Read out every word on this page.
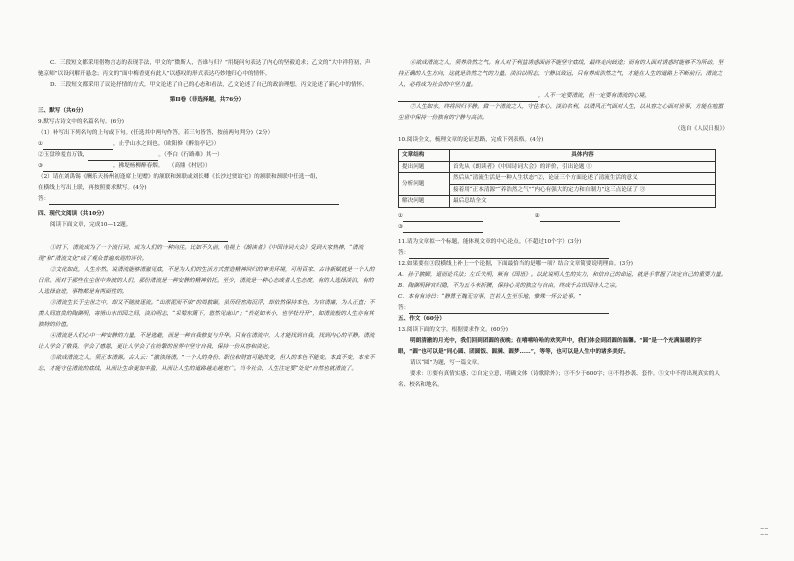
C．三段短文都采用借物言志的表现手法，甲文的“微斯人，吾谁与归？”用疑问句表达了内心的坚毅追求；乙文的“大中祥符初，声驰京师”以设问解开悬念；丙文的“面中梅香更有此人”以感叹的形式表达巧妙地归心中的情怀。

D．三段短文都采用了议论抒情的方式，甲文论述了自己的心态和看法，乙文论述了自己的政治理想，丙文论述了新心中的情怀。

第II卷（非选择题，共76分）

三、默写（共6分）

9.默写古诗文中的名篇名句。(6分)

（1）补写出下列名句的上句或下句。(任选其中两句作答，若三句皆答，按前两句判分)（2分）

①	，止乎山水之间也。（欧阳修《醉翁亭记》）

②玉盘珍羞直万钱，	。（李白《行路难》其一）

③	，拂堤杨柳醉春烟。 （高鼎《村居》）

（2）请在刘禹锡《酬乐天扬州初逢席上见赠》的颔联和颈联或刘长卿《长沙过贾谊宅》的颔联和颈联中任选一组，

在横线上写出上联，再按照要求默写。(4分)

答：

四、现代文阅读（共10分）

阅读下面文章，完成10—12题。

①时下，清流成为了一个流行词，成为人们的一种向往。比如不久前，电视上《朗读者》《中国诗词大会》受到大家热捧，“清流现”和“清流文化”成了观众普遍欢迎的评价。

②文化如此，人生亦然。说清流能够清澈见底，不是为人们的生活方式营造精神回归的审美环境，可用百家、古诗新赋就是一个人的日常。而对于那些在尘世中奔波的人们，那份清流是一种安静的精神依托。至少，清流是一种心态或者人生态度，有的人选择淡泊，有的人选择奋进，事物都是有两面性的。

③清流生长于尘世之中，却又不随波逐流。“出淤泥而不染”的周敦颐，虽历经宦海沉浮，却依然保持本色，为官清廉，为人正直；不羡人间富贵的陶渊明，寄情山水田园之间，淡泊明志，“采菊东篱下，悠然见南山”；“苔花如米小，也学牡丹开”，如清流般的人生亦有其独特的价值。

④清流是人们心中一种安静的力量，不是逃避，而是一种自我修复与升华。只有在清流中，人才能找到自我，找到内心的平静。清流让人学会了敬畏，学会了感恩，更让人学会了在纷繁的世界中坚守自我，保持一份从容和淡定。

⑤欲成清流之人，须正本清源。古人云：“激浊扬清。”一个人的身份、职位和财富可能改变，但人的本色不能变。本真不变，本来不忘，才能守住清流的底线，从而让生命更加丰盈，从而让人生的道路越走越宽广。当今社会，人生注定要“处处”自然也就清流了。

⑥欲成清流之人，须养浩然之气。有人对于利益诱惑面前不能坚守底线，最终走向歧途；而有的人面对诱惑时能够不为所动，坚持正确的人生方向，这就是浩然之气的力量。淡泊以明志，宁静以致远，只有养成浩然之气，才能在人生的道路上不断前行。清流之人，必将成为社会的中坚力量。

，人不一定要清流，但一定要有清流的心境。

⑦人生如水，终将回归平静。做一个清流之人，守住本心，淡泊名利，以清风正气面对人生，以从容之心面对世事，方能在喧嚣尘世中保持一份独有的宁静与高洁。

（选自《人民日报》）

10.阅读全文，梳理文章的论证思路，完成下列表格。(4分)

文章结构	具体内容
提出问题	首先从《朗读者》《中国诗词大会》的评价，引出论题 ①
分析问题	然后从“清流生活是一种人生状态”②，论证三个方面论述了清流生活的意义
	接着用“正本清源”“养浩然之气”“内心有强大的定力和自制力”这三点论证了 ③
解决问题	最后总结全文

①	②

③

11.请为文章拟一个标题，能体现文章的中心论点。（不超过10个字）(3分)

答：

12.如果要在③段横线上补上一个论据，下面最恰当的是哪一项？结合文章简要说明理由。(3分)

A．孙子膑脚，退而论兵法；左丘失明，厥有《国语》。以此说明人生的实力，和信自己的命运，就是手掌握了决定自己的重要力量。

B．陶渊明辞官归隐，不为五斗米折腰，保持心灵的独立与自由，终成千古田园诗人之宗。

C．本有有诗曰：“静算王魏无穷事，岂若人生至乐地，惟殊一怀公论事。”

答：

五、作文（60分）

13.阅读下面的文字，根据要求作文。(60分)

明朗清澈的月光中，我们回到团圆的夜晚；在嘻嘻哈哈的欢笑声中，我们体会到团圆的温馨。“圆”是一个充满温暖的字眼，“圆”也可以是“同心圆、团圆饭、圆满、圆梦……”，等等，也可以是人生中的诸多美好。

请以“圆”为题，写一篇文章。

要求：①要有真情实感；②自定立意，明确文体（诗歌除外）；③不少于600字；④不得抄袭、套作。⑤文中不得出现真实的人名、校名和地名。

∽∽
∽∽
